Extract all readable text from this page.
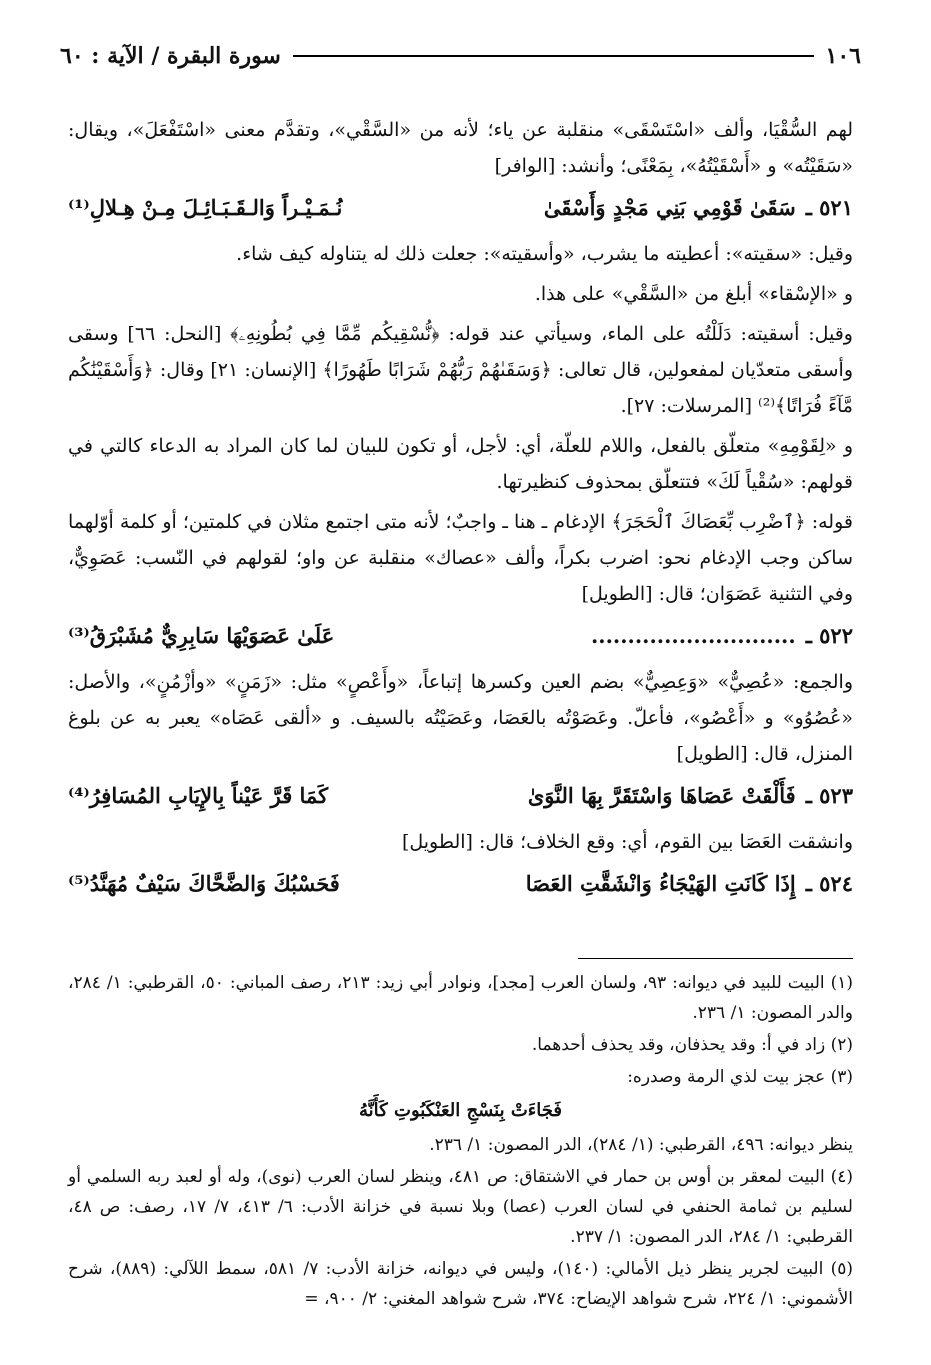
١٠٦
سورة البقرة / الآية : ٦٠

لهم السُّقْيَا، وألف «اسْتَسْقَى» منقلبة عن ياء؛ لأنه من «السَّقْي»، وتقدَّم معنى «اسْتَفْعَلَ»، ويقال: «سَقَيْتُه» و «أَسْقَيْتُهُ»، بِمَعْنًى؛ وأنشد: [الوافر]

٥٢١ ـ
سَقَىٰ قَوْمِي بَنِي مَجْدٍ وَأَسْقَىٰ
نُـمَـيْـراً وَالـقَـبَـائِـلَ مِـنْ هِـلالِ⁽¹⁾

وقيل: «سقيته»: أعطيته ما يشرب، «وأسقيته»: جعلت ذلك له يتناوله كيف شاء.

و «الإسْقاء» أبلغ من «السَّقْي» على هذا.

وقيل: أسقيته: دَلَلْتُه على الماء، وسيأتي عند قوله: ﴿نُّسْقِيكُم مِّمَّا فِي بُطُونِهِۦ﴾ [النحل: ٦٦] وسقى وأسقى متعدّيان لمفعولين، قال تعالى: ﴿وَسَقَىٰهُمْ رَبُّهُمْ شَرَابًا طَهُورًا﴾ [الإنسان: ٢١] وقال: ﴿وَأَسْقَيْنَٰكُم مَّآءً فُرَاتًا﴾⁽²⁾ [المرسلات: ٢٧].

و «لِقَوْمِهِ» متعلّق بالفعل، واللام للعلّة، أي: لأجل، أو تكون للبيان لما كان المراد به الدعاء كالتي في قولهم: «سُقْياً لَكَ» فتتعلّق بمحذوف كنظيرتها.

قوله: ﴿ٱضْرِب بِّعَصَاكَ ٱلْحَجَرَ﴾ الإدغام ـ هنا ـ واجبٌ؛ لأنه متى اجتمع مثلان في كلمتين؛ أو كلمة أوّلهما ساكن وجب الإدغام نحو: اضرب بكراً، وألف «عصاك» منقلبة عن واو؛ لقولهم في النّسب: عَصَوِيٌّ، وفي التثنية عَصَوَان؛ قال: [الطويل]

٥٢٢ ـ
............................
عَلَىٰ عَصَوَيْهَا سَابِرِيٌّ مُشَبْرَقُ⁽³⁾

والجمع: «عُصِيٌّ» «وَعِصِيٌّ» بضم العين وكسرها إتباعاً، «وأَعْصٍ» مثل: «زَمَنٍ» «وأزْمُنٍ»، والأصل: «عُصُوُو» و «أَعْصُو»، فأعلّ. وعَصَوْتُه بالعَصَا، وعَصَيْتُه بالسيف. و «ألقى عَصَاه» يعبر به عن بلوغ المنزل، قال: [الطويل]

٥٢٣ ـ
فَأَلْقَتْ عَصَاهَا وَاسْتَقَرَّ بِهَا النَّوَىٰ
كَمَا قَرَّ عَيْناً بِالإِيَابِ المُسَافِرُ⁽⁴⁾

وانشقت العَصَا بين القوم، أي: وقع الخلاف؛ قال: [الطويل]

٥٢٤ ـ
إِذَا كَانَتِ الهَيْجَاءُ وَانْشَقَّتِ العَصَا
فَحَسْبُكَ وَالضَّحَّاكَ سَيْفٌ مُهَنَّدُ⁽⁵⁾

(١) البيت للبيد في ديوانه: ٩٣، ولسان العرب [مجد]، ونوادر أبي زيد: ٢١٣، رصف المباني: ٥٠، القرطبي: ١/ ٢٨٤، والدر المصون: ١/ ٢٣٦.

(٢) زاد في أ: وقد يحذفان، وقد يحذف أحدهما.

(٣) عجز بيت لذي الرمة وصدره:

فَجَاءَتْ بِنَسْجِ العَنْكَبُوتِ كَأَنَّهُ

ينظر ديوانه: ٤٩٦، القرطبي: (١/ ٢٨٤)، الدر المصون: ١/ ٢٣٦.

(٤) البيت لمعقر بن أوس بن حمار في الاشتقاق: ص ٤٨١، وينظر لسان العرب (نوى)، وله أو لعبد ربه السلمي أو لسليم بن ثمامة الحنفي في لسان العرب (عصا) وبلا نسبة في خزانة الأدب: ٦/ ٤١٣، ٧/ ١٧، رصف: ص ٤٨، القرطبي: ١/ ٢٨٤، الدر المصون: ١/ ٢٣٧.

(٥) البيت لجرير ينظر ذيل الأمالي: (١٤٠)، وليس في ديوانه، خزانة الأدب: ٧/ ٥٨١، سمط اللآلي: (٨٨٩)، شرح الأشموني: ١/ ٢٢٤، شرح شواهد الإيضاح: ٣٧٤، شرح شواهد المغني: ٢/ ٩٠٠، =
